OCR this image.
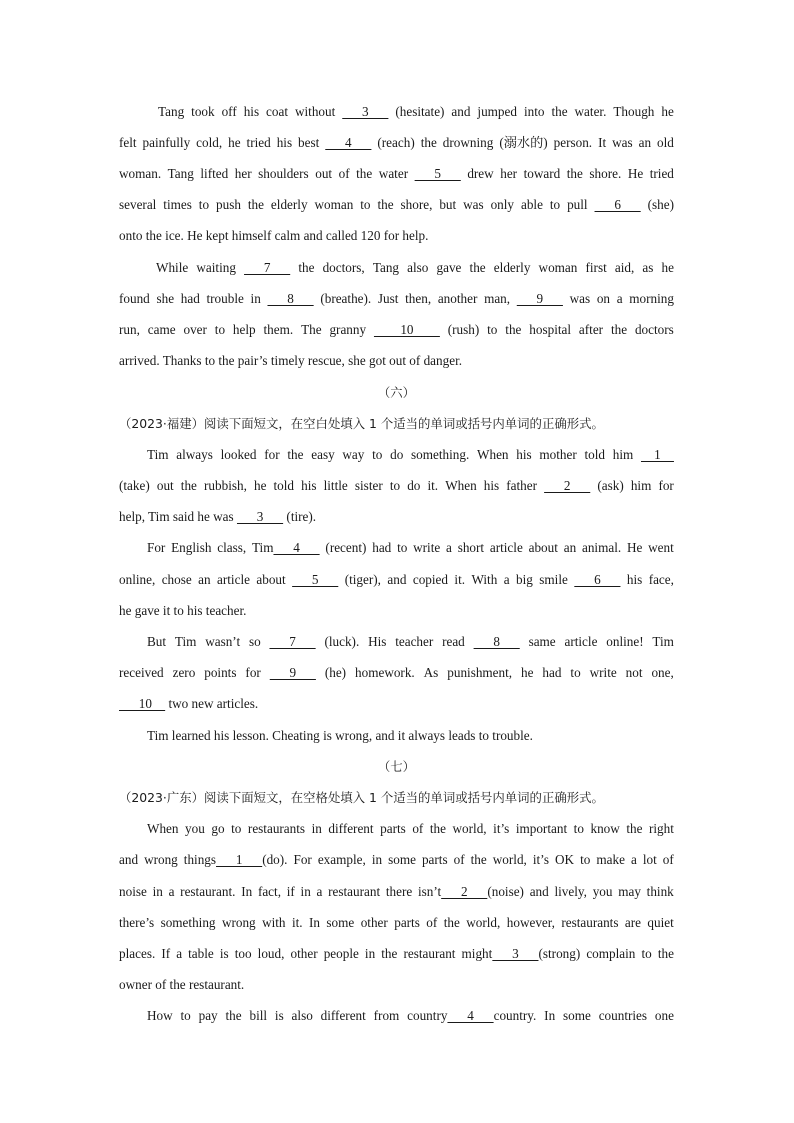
Tang took off his coat without 3 (hesitate) and jumped into the water. Though he
felt painfully cold, he tried his best 4 (reach) the drowning (溺水的) person. It was an old
woman. Tang lifted her shoulders out of the water 5 drew her toward the shore. He tried
several times to push the elderly woman to the shore, but was only able to pull 6 (she)
onto the ice. He kept himself calm and called 120 for help.
While waiting 7 the doctors, Tang also gave the elderly woman first aid, as he
found she had trouble in 8 (breathe). Just then, another man, 9 was on a morning
run, came over to help them. The granny 10 (rush) to the hospital after the doctors
arrived. Thanks to the pair’s timely rescue, she got out of danger.
（六）
（2023·福建）阅读下面短文，在空白处填入 1 个适当的单词或括号内单词的正确形式。
Tim always looked for the easy way to do something. When his mother told him 1
(take) out the rubbish, he told his little sister to do it. When his father 2 (ask) him for
help, Tim said he was       3       (tire).
For English class, Tim      4 (recent) had to write a short article about an animal. He went
online, chose an article about 5 (tiger), and copied it. With a big smile 6 his face,
he gave it to his teacher.
But Tim wasn’t so 7 (luck). His teacher read 8 same article online! Tim
received zero points for 9 (he) homework. As punishment, he had to write not one,
10     two new articles.
Tim learned his lesson. Cheating is wrong, and it always leads to trouble.
（七）
（2023·广东）阅读下面短文，在空格处填入 1 个适当的单词或括号内单词的正确形式。
When you go to restaurants in different parts of the world, it’s important to know the right
and wrong things      1      (do). For example, in some parts of the world, it’s OK to make a lot of
noise in a restaurant. In fact, if in a restaurant there isn’t      2      (noise) and lively, you may think
there’s something wrong with it. In some other parts of the world, however, restaurants are quiet
places. If a table is too loud, other people in the restaurant might      3      (strong) complain to the
owner of the restaurant.
How to pay the bill is also different from country      4      country. In some countries one
